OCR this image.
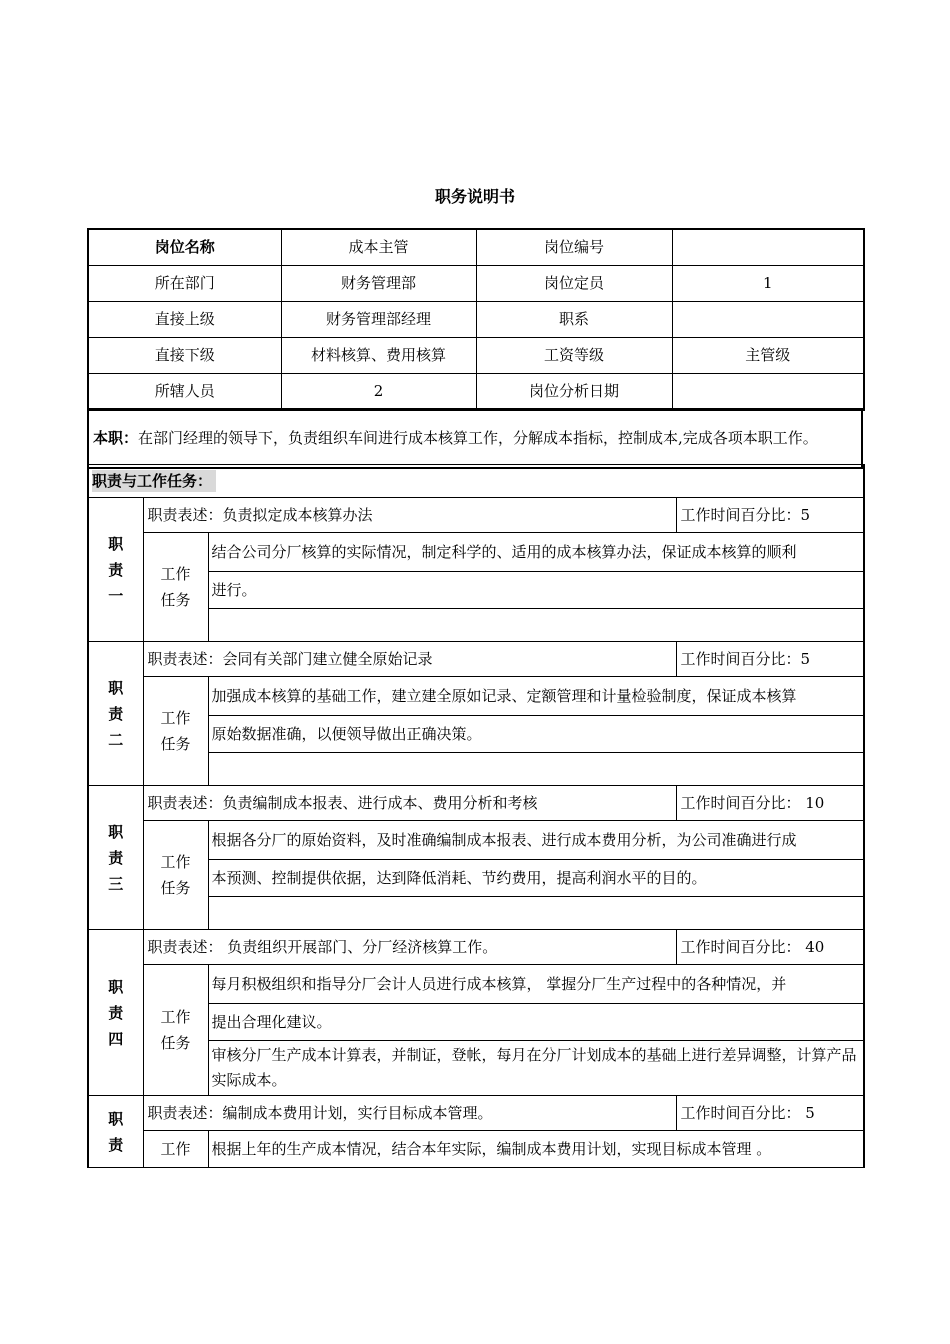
职务说明书
岗位名称	成本主管	岗位编号	
所在部门	财务管理部	岗位定员	1
直接上级	财务管理部经理	职系	
直接下级	材料核算、费用核算	工资等级	主管级
所辖人员	2	岗位分析日期	
本职：在部门经理的领导下，负责组织车间进行成本核算工作，分解成本指标，控制成本,完成各项本职工作。
职责与工作任务：			
职责一	职责表述：负责拟定成本核算办法		工作时间百分比：5
	工作任务	结合公司分厂核算的实际情况，制定科学的、适用的成本核算办法，保证成本核算的顺利	
		进行。	

职责二	职责表述：会同有关部门建立健全原始记录		工作时间百分比：5
	工作任务	加强成本核算的基础工作，建立建全原如记录、定额管理和计量检验制度，保证成本核算	
		原始数据准确，以便领导做出正确决策。	

职责三	职责表述：负责编制成本报表、进行成本、费用分析和考核		工作时间百分比： 10
	工作任务	根据各分厂的原始资料，及时准确编制成本报表、进行成本费用分析，为公司准确进行成	
		本预测、控制提供依据，达到降低消耗、节约费用，提高利润水平的目的。	

职责四	职责表述： 负责组织开展部门、分厂经济核算工作。		工作时间百分比： 40
	工作任务	每月积极组织和指导分厂会计人员进行成本核算， 掌握分厂生产过程中的各种情况，并	
		提出合理化建议。	
		审核分厂生产成本计算表，并制证，登帐，每月在分厂计划成本的基础上进行差异调整，计算产品实际成本。	
职责	职责表述：编制成本费用计划，实行目标成本管理。		工作时间百分比： 5
	工作	根据上年的生产成本情况，结合本年实际，编制成本费用计划，实现目标成本管理 。	
